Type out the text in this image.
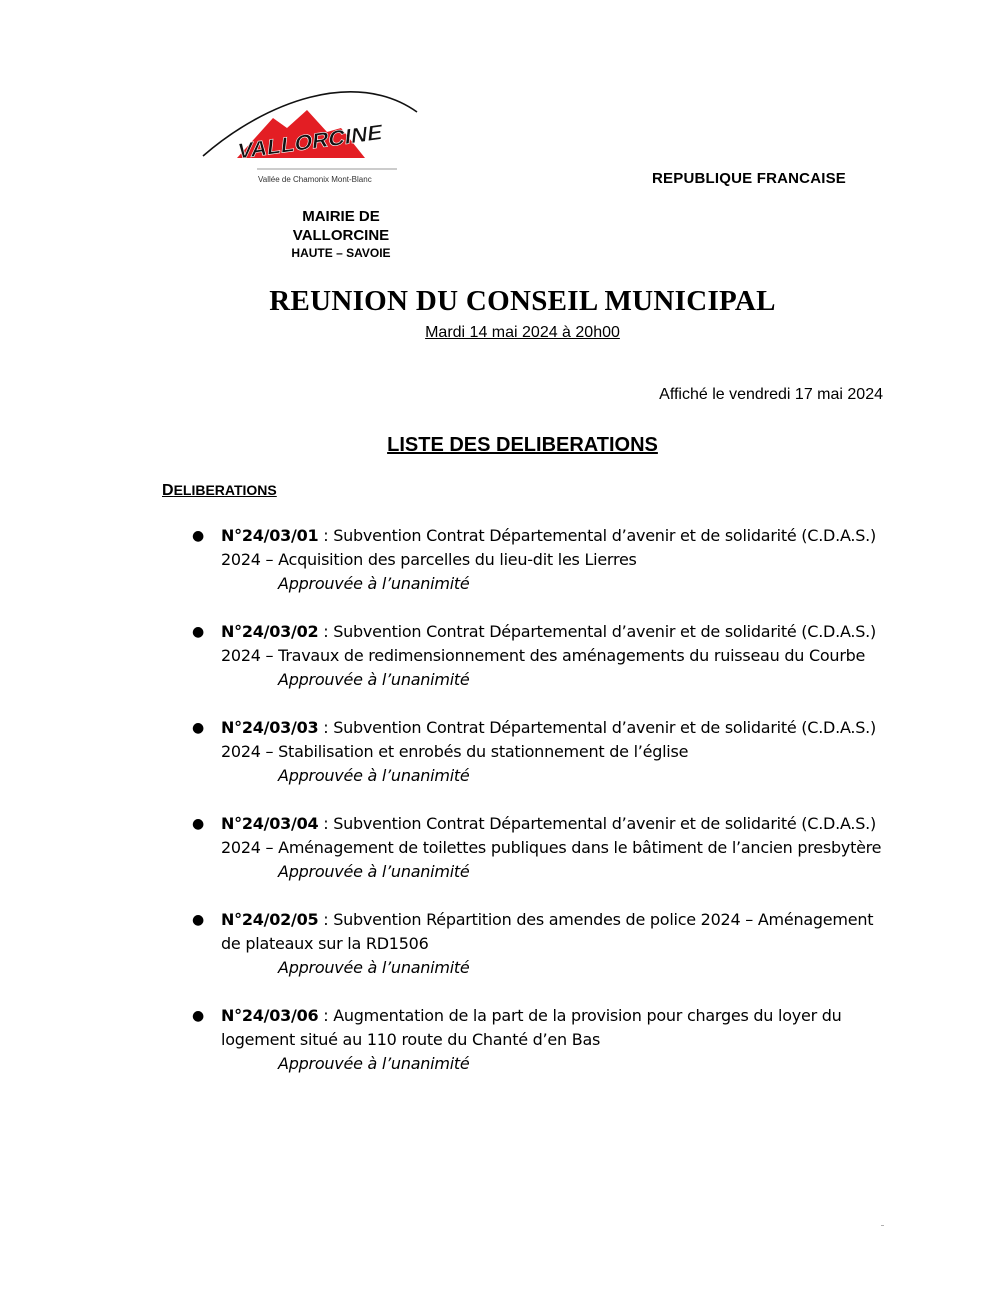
VALLORCINE
Vallée de Chamonix Mont-Blanc	REPUBLIQUE FRANCAISE
MAIRIE DE
VALLORCINE
HAUTE – SAVOIE
REUNION DU CONSEIL MUNICIPAL
Mardi 14 mai 2024 à 20h00
Affiché le vendredi 17 mai 2024
LISTE DES DELIBERATIONS
DELIBERATIONS
● N°24/03/01 : Subvention Contrat Départemental d’avenir et de solidarité (C.D.A.S.) 2024 – Acquisition des parcelles du lieu-dit les Lierres
Approuvée à l’unanimité
● N°24/03/02 : Subvention Contrat Départemental d’avenir et de solidarité (C.D.A.S.) 2024 – Travaux de redimensionnement des aménagements du ruisseau du Courbe
Approuvée à l’unanimité
● N°24/03/03 : Subvention Contrat Départemental d’avenir et de solidarité (C.D.A.S.) 2024 – Stabilisation et enrobés du stationnement de l’église
Approuvée à l’unanimité
● N°24/03/04 : Subvention Contrat Départemental d’avenir et de solidarité (C.D.A.S.) 2024 – Aménagement de toilettes publiques dans le bâtiment de l’ancien presbytère
Approuvée à l’unanimité
● N°24/02/05 : Subvention Répartition des amendes de police 2024 – Aménagement de plateaux sur la RD1506
Approuvée à l’unanimité
● N°24/03/06 : Augmentation de la part de la provision pour charges du loyer du logement situé au 110 route du Chanté d’en Bas
Approuvée à l’unanimité
